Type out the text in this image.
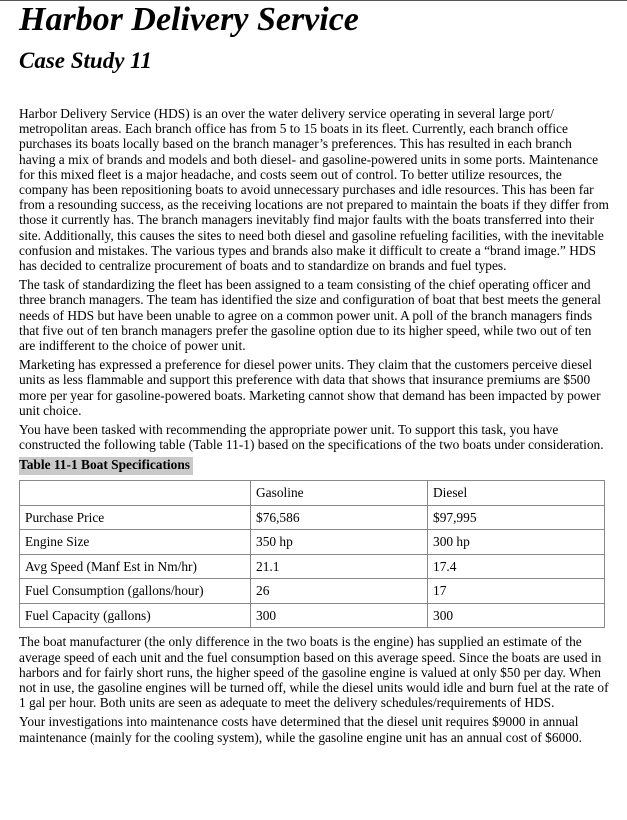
Harbor Delivery Service
Case Study 11

Harbor Delivery Service (HDS) is an over the water delivery service operating in several large port/ metropolitan areas. Each branch office has from 5 to 15 boats in its fleet. Currently, each branch office purchases its boats locally based on the branch manager’s preferences. This has resulted in each branch having a mix of brands and models and both diesel- and gasoline-powered units in some ports. Maintenance for this mixed fleet is a major headache, and costs seem out of control. To better utilize resources, the company has been repositioning boats to avoid unnecessary purchases and idle resources. This has been far from a resounding success, as the receiving locations are not prepared to maintain the boats if they differ from those it currently has. The branch managers inevitably find major faults with the boats transferred into their site. Additionally, this causes the sites to need both diesel and gasoline refueling facilities, with the inevitable confusion and mistakes. The various types and brands also make it difficult to create a “brand image.” HDS has decided to centralize procurement of boats and to standardize on brands and fuel types.

The task of standardizing the fleet has been assigned to a team consisting of the chief operating officer and three branch managers. The team has identified the size and configuration of boat that best meets the general needs of HDS but have been unable to agree on a common power unit. A poll of the branch managers finds that five out of ten branch managers prefer the gasoline option due to its higher speed, while two out of ten are indifferent to the choice of power unit.

Marketing has expressed a preference for diesel power units. They claim that the customers perceive diesel units as less flammable and support this preference with data that shows that insurance premiums are $500 more per year for gasoline-powered boats. Marketing cannot show that demand has been impacted by power unit choice.

You have been tasked with recommending the appropriate power unit. To support this task, you have constructed the following table (Table 11-1) based on the specifications of the two boats under consideration.

Table 11-1 Boat Specifications
	Gasoline	Diesel
Purchase Price	$76,586	$97,995
Engine Size	350 hp	300 hp
Avg Speed (Manf Est in Nm/hr)	21.1	17.4
Fuel Consumption (gallons/hour)	26	17
Fuel Capacity (gallons)	300	300

The boat manufacturer (the only difference in the two boats is the engine) has supplied an estimate of the average speed of each unit and the fuel consumption based on this average speed. Since the boats are used in harbors and for fairly short runs, the higher speed of the gasoline engine is valued at only $50 per day. When not in use, the gasoline engines will be turned off, while the diesel units would idle and burn fuel at the rate of 1 gal per hour. Both units are seen as adequate to meet the delivery schedules/requirements of HDS.

Your investigations into maintenance costs have determined that the diesel unit requires $9000 in annual maintenance (mainly for the cooling system), while the gasoline engine unit has an annual cost of $6000.
